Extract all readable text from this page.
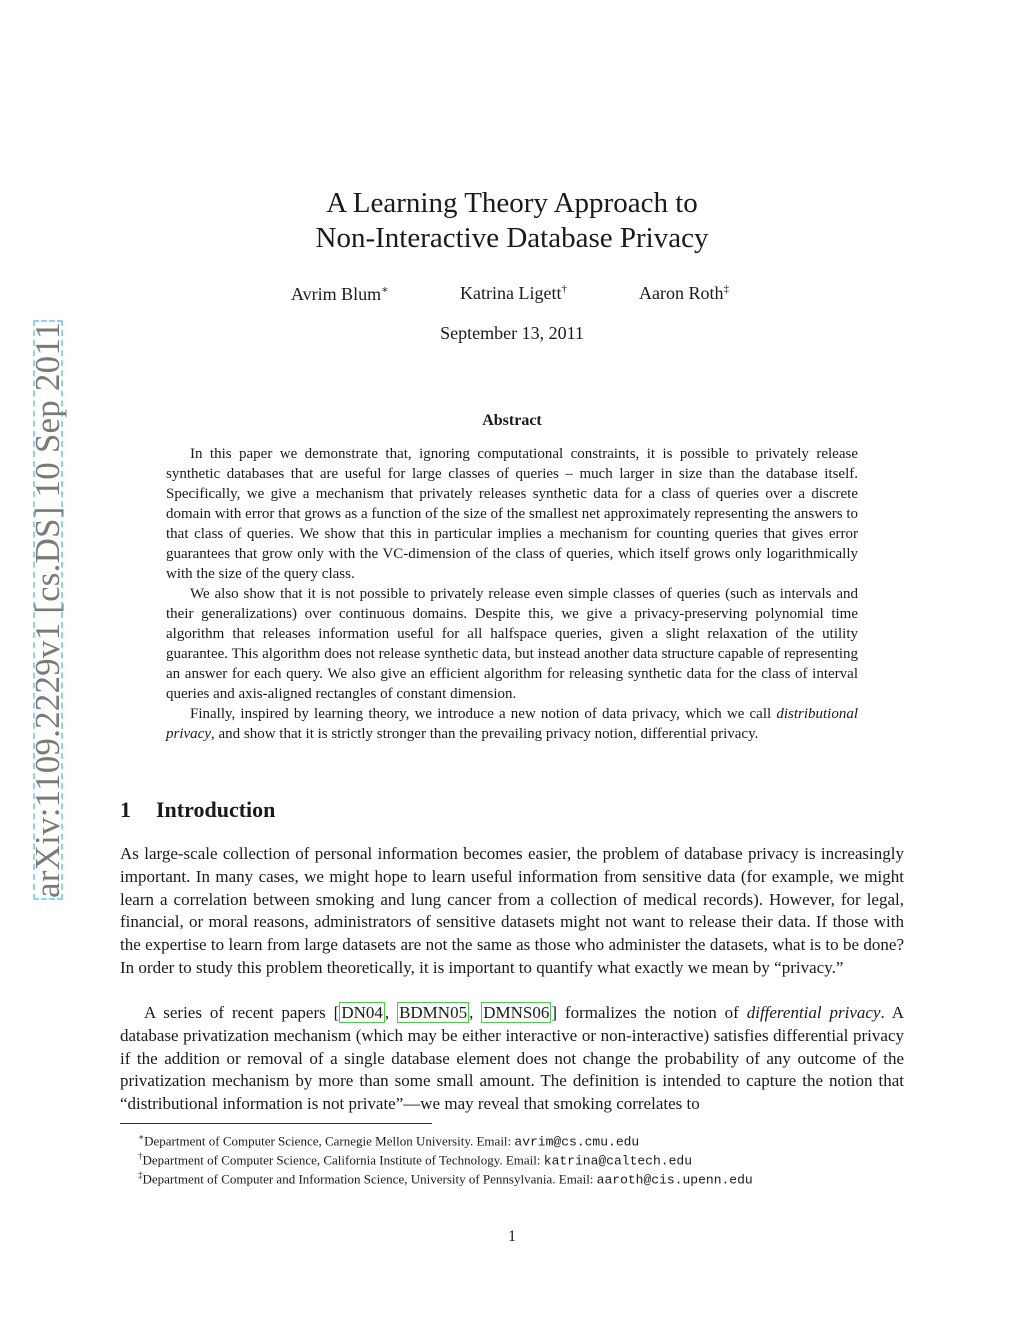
arXiv:1109.2229v1 [cs.DS] 10 Sep 2011
A Learning Theory Approach to
Non-Interactive Database Privacy
Avrim Blum∗	Katrina Ligett†	Aaron Roth‡
September 13, 2011
Abstract

In this paper we demonstrate that, ignoring computational constraints, it is possible to privately release synthetic databases that are useful for large classes of queries – much larger in size than the database itself. Specifically, we give a mechanism that privately releases synthetic data for a class of queries over a discrete domain with error that grows as a function of the size of the smallest net approximately representing the answers to that class of queries. We show that this in particular implies a mechanism for counting queries that gives error guarantees that grow only with the VC-dimension of the class of queries, which itself grows only logarithmically with the size of the query class.

We also show that it is not possible to privately release even simple classes of queries (such as intervals and their generalizations) over continuous domains. Despite this, we give a privacy-preserving polynomial time algorithm that releases information useful for all halfspace queries, given a slight relaxation of the utility guarantee. This algorithm does not release synthetic data, but instead another data structure capable of representing an answer for each query. We also give an efficient algorithm for releasing synthetic data for the class of interval queries and axis-aligned rectangles of constant dimension.

Finally, inspired by learning theory, we introduce a new notion of data privacy, which we call distributional privacy, and show that it is strictly stronger than the prevailing privacy notion, differential privacy.

1 Introduction

As large-scale collection of personal information becomes easier, the problem of database privacy is increasingly important. In many cases, we might hope to learn useful information from sensitive data (for example, we might learn a correlation between smoking and lung cancer from a collection of medical records). However, for legal, financial, or moral reasons, administrators of sensitive datasets might not want to release their data. If those with the expertise to learn from large datasets are not the same as those who administer the datasets, what is to be done? In order to study this problem theoretically, it is important to quantify what exactly we mean by “privacy.”

A series of recent papers [ DN04 , BDMN05 , DMNS06 ] formalizes the notion of differential privacy. A database privatization mechanism (which may be either interactive or non-interactive) satisfies differential privacy if the addition or removal of a single database element does not change the probability of any outcome of the privatization mechanism by more than some small amount. The definition is intended to capture the notion that “distributional information is not private”—we may reveal that smoking correlates to

∗Department of Computer Science, Carnegie Mellon University. Email: avrim@cs.cmu.edu
†Department of Computer Science, California Institute of Technology. Email: katrina@caltech.edu
‡Department of Computer and Information Science, University of Pennsylvania. Email: aaroth@cis.upenn.edu
1
